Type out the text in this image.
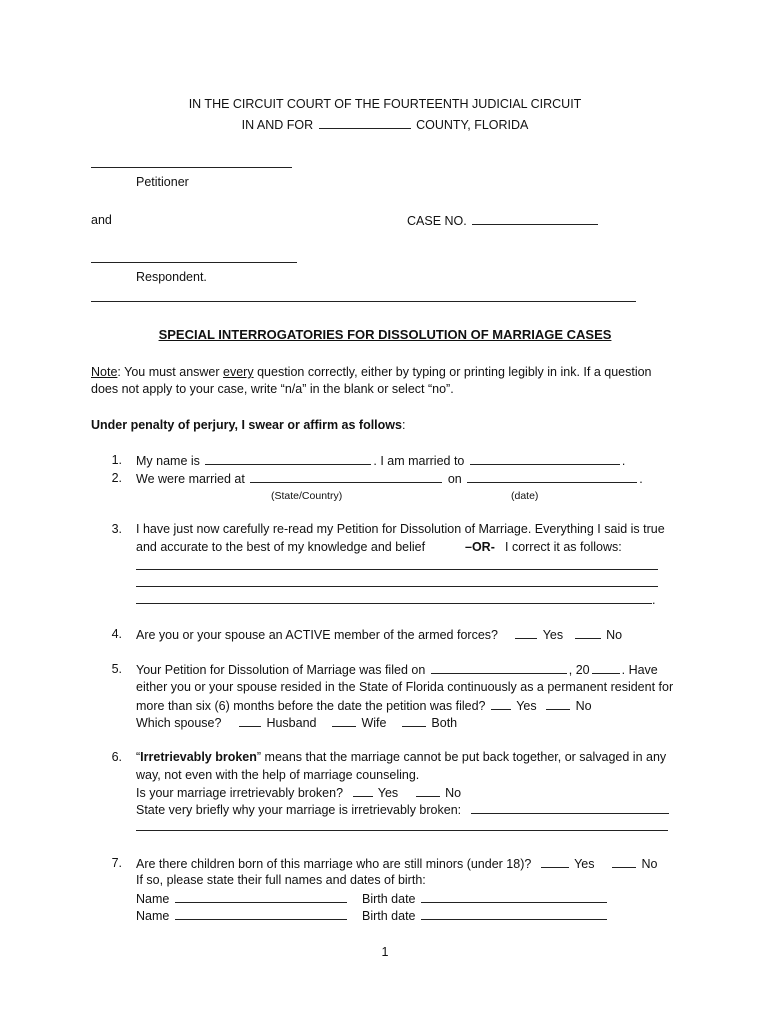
IN THE CIRCUIT COURT OF THE FOURTEENTH JUDICIAL CIRCUIT
IN AND FOR	COUNTY, FLORIDA
Petitioner
and	CASE NO.
Respondent.
SPECIAL INTERROGATORIES FOR DISSOLUTION OF MARRIAGE CASES
Note: You must answer every question correctly, either by typing or printing legibly in ink. If a question
does not apply to your case, write “n/a” in the blank or select “no”.
Under penalty of perjury, I swear or affirm as follows:
1. My name is	. I am married to	.
2. We were married at	on	.
(State/Country)	(date)
3. I have just now carefully re-read my Petition for Dissolution of Marriage. Everything I said is true
and accurate to the best of my knowledge and belief	–OR- I correct it as follows:
.
4. Are you or your spouse an ACTIVE member of the armed forces?	Yes	No
5. Your Petition for Dissolution of Marriage was filed on	, 20	. Have
either you or your spouse resided in the State of Florida continuously as a permanent resident for
more than six (6) months before the date the petition was filed? Yes	No
Which spouse?	Husband	Wife	Both
6. “Irretrievably broken” means that the marriage cannot be put back together, or salvaged in any
way, not even with the help of marriage counseling.
Is your marriage irretrievably broken?	Yes	No
State very briefly why your marriage is irretrievably broken:
7. Are there children born of this marriage who are still minors (under 18)?	Yes	No
If so, please state their full names and dates of birth:
Name	Birth date
Name	Birth date
1
